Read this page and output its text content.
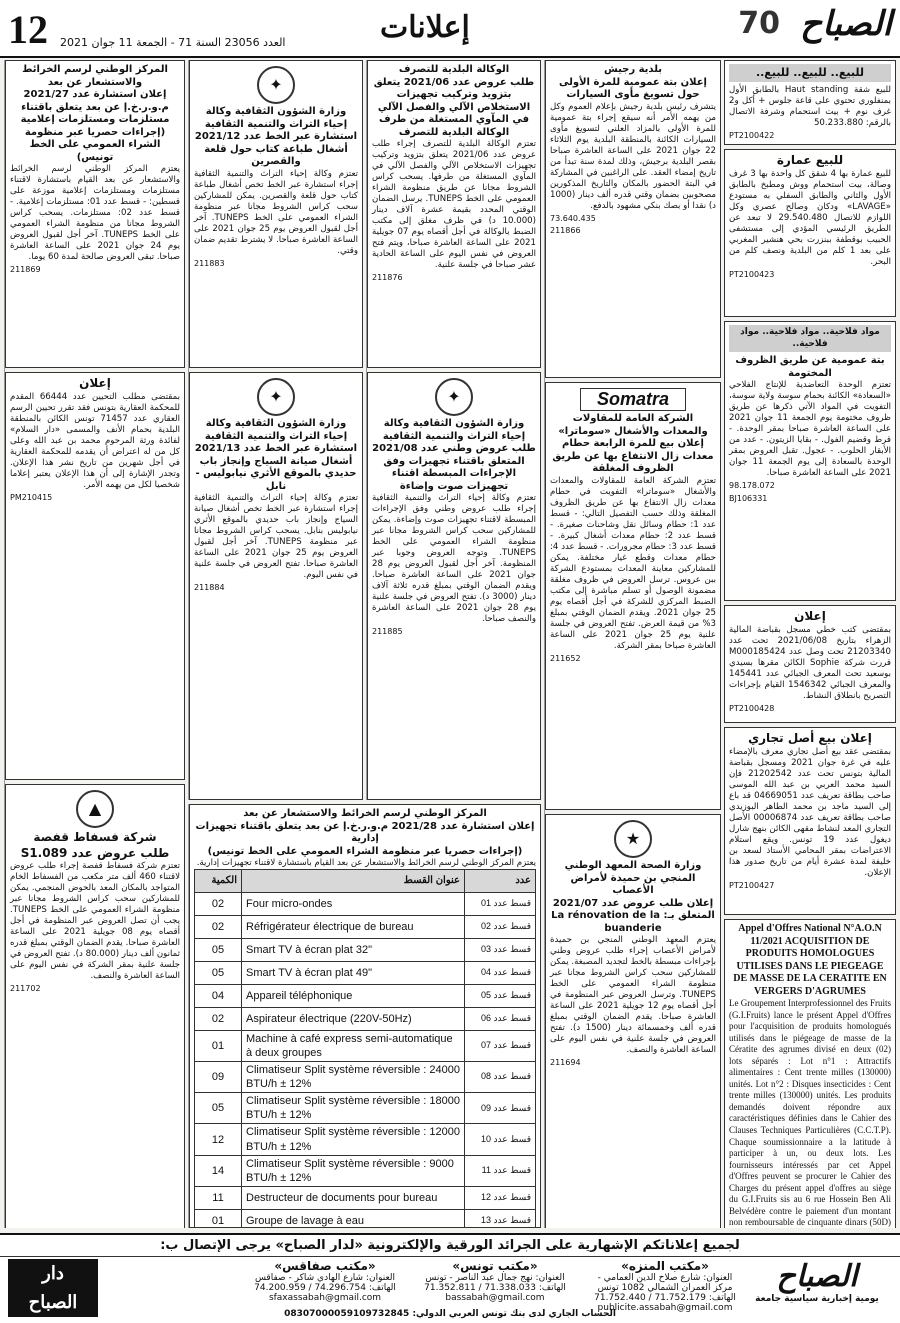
12 العدد 23056 السنة 71 - الجمعة 11 جوان 2021	إعلانات	70 الصباح
للبيع.. للبيع.. للبيع..
للبيع شقة Haut standing بالطابق الأول بمنفلوري تحتوي على قاعة جلوس + أكل و2 غرف نوم + بيت استحمام وشرفة الاتصال بالرقم: 50.233.880
PT2100422
للبيع عمارة
للبيع عمارة بها 4 شقق كل واحدة بها 3 غرف وصالة، بيت استحمام ووش ومطبخ بالطابق الأول والثاني والطابق السفلي به مستودع «LAVAGE» ودكان وصالح عصري وكل اللوازم للاتصال 29.540.480 لا تبعد عن الطريق الرئيسي المؤدي إلى مستشفى الحبيب بوقطفة ببنزرت بحي هنشير المغربي على بعد 1 كلم من البلدية ونصف كلم من البحر.
PT2100423
مواد فلاحية.. مواد فلاحية.. مواد فلاحية..
بتة عمومية عن طريق الظروف المختومة
تعتزم الوحدة التعاضدية للإنتاج الفلاحي «السعادة» الكائنة بحمام سوسة ولاية سوسة، التفويت في المواد الآتي ذكرها عن طريق ظروف مختومة يوم الجمعة 11 جوان 2021 على الساعة العاشرة صباحا بمقر الوحدة. - قرط وقضيم الفول. - بقايا الزيتون. - عدد من الأبقار الحلوب. - عجول. تقبل العروض بمقر الوحدة بالسعادة إلى يوم الجمعة 11 جوان 2021 على الساعة العاشرة صباحا.
98.178.072
BJ106331
إعلان
بمقتضى كتب خطي مسجل بقباضة المالية الزهراء بتاريخ 2021/06/08 تحت عدد 21203340 تحت وصل عدد M000185424 قررت شركة Sophie الكائن مقرها بسيدي بوسعيد تحت المعرف الجبائي عدد 145441 والمعرف الجبائي 1546342 القيام بإجراءات التصريح بانطلاق النشاط.
PT2100428
إعلان بيع أصل تجاري
بمقتضى عقد بيع أصل تجاري معرف بالإمضاء عليه في غرة جوان 2021 ومسجل بقباضة المالية بتونس تحت عدد 21202542 فإن السيد محمد العربي بن عبد الله الموسى صاحب بطاقة تعريف عدد 04669051 قد باع إلى السيد ماجد بن محمد الطاهر البوزيدي صاحب بطاقة تعريف عدد 00006874 الأصل التجاري المعد لنشاط مقهى الكائن بنهج شارل ديغول عدد 19 تونس. ويقع استلام الاعتراضات بمقر المحامي الأستاذ لسعد بن خليفة لمدة عشرة أيام من تاريخ صدور هذا الإعلان.
PT2100427
Appel d'Offres National N°A.O.N 11/2021 ACQUISITION DE PRODUITS HOMOLOGUES UTILISES DANS LE PIEGEAGE DE MASSE DE LA CERATITE EN VERGERS D'AGRUMES
Le Groupement Interprofessionnel des Fruits (G.I.Fruits) lance le présent Appel d'Offres pour l'acquisition de produits homologués utilisés dans le piégeage de masse de la Cératite des agrumes divisé en deux (02) lots séparés : Lot n°1 : Attractifs alimentaires : Cent trente milles (130000) unités. Lot n°2 : Disques insecticides : Cent trente milles (130000) unités. Les produits demandés doivent répondre aux caractéristiques définies dans le Cahier des Clauses Techniques Particulières (C.C.T.P). Chaque soumissionnaire a la latitude à participer à un, ou deux lots. Les fournisseurs intéressés par cet Appel d'Offres peuvent se procurer le Cahier des Charges du présent appel d'offres au siège du G.I.Fruits sis au 6 rue Hossein Ben Ali Belvédère contre le paiement d'un montant non remboursable de cinquante dinars (50D)
بلدية رجيش
إعلان بتة عمومية للمرة الأولى حول تسويغ مأوى السيارات
يتشرف رئيس بلدية رجيش بإعلام العموم وكل من يهمه الأمر أنه سيقع إجراء بتة عمومية للمرة الأولى بالمزاد العلني لتسويغ مأوى السيارات الكائنة بالمنطقة البلدية يوم الثلاثاء 22 جوان 2021 على الساعة العاشرة صباحا بقصر البلدية برجيش، وذلك لمدة سنة تبدأ من تاريخ إمضاء العقد. على الراغبين في المشاركة في البتة الحضور بالمكان والتاريخ المذكورين مصحوبين بضمان وقتي قدره ألف دينار (1000 د) نقدا أو بصك بنكي مشهود بالدفع.
73.640.435
211866
Somatra
الشركة العامة للمقاولات والمعدات والأشغال «سوماترا»
إعلان بيع للمرة الرابعة حطام معدات زال الانتفاع بها عن طريق الظروف المغلقة
تعتزم الشركة العامة للمقاولات والمعدات والأشغال «سوماترا» التفويت في حطام معدات زال الانتفاع بها عن طريق الظروف المغلقة وذلك حسب التفصيل التالي: - قسط عدد 1: حطام وسائل نقل وشاحنات صغيرة. - قسط عدد 2: حطام معدات أشغال كبيرة. - قسط عدد 3: حطام مجرورات. - قسط عدد 4: حطام معدات وقطع غيار مختلفة. يمكن للمشاركين معاينة المعدات بمستودع الشركة ببن عروس. ترسل العروض في ظروف مغلقة مضمونة الوصول أو تسلم مباشرة إلى مكتب الضبط المركزي للشركة في أجل أقصاه يوم 25 جوان 2021. ويقدم الضمان الوقتي بمبلغ 3% من قيمة العرض. تفتح العروض في جلسة علنية يوم 25 جوان 2021 على الساعة العاشرة صباحا بمقر الشركة.
211652
★
وزارة الصحة المعهد الوطني المنجي بن حميدة لأمراض الأعصاب
إعلان طلب عروض عدد 2021/07 المتعلق بـ: La rénovation de la buanderie
يعتزم المعهد الوطني المنجي بن حميدة لأمراض الأعصاب إجراء طلب عروض وطني بإجراءات مبسطة بالخط لتجديد المصبغة. يمكن للمشاركين سحب كراس الشروط مجانا عبر منظومة الشراء العمومي على الخط TUNEPS. وترسل العروض عبر المنظومة في أجل أقصاه يوم 12 جويلية 2021 على الساعة العاشرة صباحا. يقدم الضمان الوقتي بمبلغ قدره ألف وخمسمائة دينار (1500 د). تفتح العروض في جلسة علنية في نفس اليوم على الساعة العاشرة والنصف.
211694
الوكالة البلدية للتصرف
طلب عروض عدد 2021/06 يتعلق بتزويد وتركيب تجهيزات الاستخلاص الآلي والفصل الآلي في المآوي المستغلة من طرف الوكالة البلدية للتصرف
تعتزم الوكالة البلدية للتصرف إجراء طلب عروض عدد 2021/06 يتعلق بتزويد وتركيب تجهيزات الاستخلاص الآلي والفصل الآلي في المآوي المستغلة من طرفها. يسحب كراس الشروط مجانا عن طريق منظومة الشراء العمومي على الخط TUNEPS. يرسل الضمان الوقتي المحدد بقيمة عشرة آلاف دينار (10.000 د) في ظرف مغلق إلى مكتب الضبط بالوكالة في أجل أقصاه يوم 07 جويلية 2021 على الساعة العاشرة صباحا، ويتم فتح العروض في نفس اليوم على الساعة الحادية عشر صباحا في جلسة علنية.
211876
✦
وزارة الشؤون الثقافية وكالة إحياء التراث والتنمية الثقافية
طلب عروض وطني عدد 2021/08 المتعلق باقتناء تجهيزات وفق الإجراءات المبسطة اقتناء تجهيزات صوت وإضاءة
تعتزم وكالة إحياء التراث والتنمية الثقافية إجراء طلب عروض وطني وفق الإجراءات المبسطة لاقتناء تجهيزات صوت وإضاءة. يمكن للمشاركين سحب كراس الشروط مجانا عبر منظومة الشراء العمومي على الخط TUNEPS. وتوجه العروض وجوبا عبر المنظومة. آخر أجل لقبول العروض يوم 28 جوان 2021 على الساعة العاشرة صباحا. ويقدم الضمان الوقتي بمبلغ قدره ثلاثة آلاف دينار (3000 د). تفتح العروض في جلسة علنية يوم 28 جوان 2021 على الساعة العاشرة والنصف صباحا.
211885
✦
وزارة الشؤون الثقافية وكالة إحياء التراث والتنمية الثقافية
استشارة عبر الخط عدد 2021/12 أشغال طباعة كتاب حول قلعة والقصرين
تعتزم وكالة إحياء التراث والتنمية الثقافية إجراء استشارة عبر الخط تخص أشغال طباعة كتاب حول قلعة والقصرين. يمكن للمشاركين سحب كراس الشروط مجانا عبر منظومة الشراء العمومي على الخط TUNEPS. آخر أجل لقبول العروض يوم 25 جوان 2021 على الساعة العاشرة صباحا. لا يشترط تقديم ضمان وقتي.
211883
✦
وزارة الشؤون الثقافية وكالة إحياء التراث والتنمية الثقافية
استشارة عبر الخط عدد 2021/13 أشغال صيانة السياج وإنجاز باب حديدي بالموقع الأثري نيابوليس - نابل
تعتزم وكالة إحياء التراث والتنمية الثقافية إجراء استشارة عبر الخط تخص أشغال صيانة السياج وإنجاز باب حديدي بالموقع الأثري نيابوليس بنابل. يسحب كراس الشروط مجانا عبر منظومة TUNEPS. آخر أجل لقبول العروض يوم 25 جوان 2021 على الساعة العاشرة صباحا. تفتح العروض في جلسة علنية في نفس اليوم.
211884
المركز الوطني لرسم الخرائط والاستشعار عن بعد
إعلان استشارة عدد 2021/27 م.و.ر.خ.إ عن بعد يتعلق باقتناء مستلزمات ومستلزمات إعلامية (إجراءات حصريا عبر منظومة الشراء العمومي على الخط تونيس)
يعتزم المركز الوطني لرسم الخرائط والاستشعار عن بعد القيام باستشارة لاقتناء مستلزمات ومستلزمات إعلامية موزعة على قسطين: - قسط عدد 01: مستلزمات إعلامية. - قسط عدد 02: مستلزمات. يسحب كراس الشروط مجانا من منظومة الشراء العمومي على الخط TUNEPS. آخر أجل لقبول العروض يوم 24 جوان 2021 على الساعة العاشرة صباحا. تبقى العروض صالحة لمدة 60 يوما.
211869
إعلان
بمقتضى مطلب التحيين عدد 66444 المقدم للمحكمة العقارية بتونس فقد تقرر تحيين الرسم العقاري عدد 71457 تونس الكائن بالمنطقة البلدية بحمام الأنف والمسمى «دار السلام» لفائدة ورثة المرحوم محمد بن عبد الله وعلى كل من له اعتراض أن يقدمه للمحكمة العقارية في أجل شهرين من تاريخ نشر هذا الإعلان. وتجدر الإشارة إلى أن هذا الإعلان يعتبر إعلاما شخصيا لكل من يهمه الأمر.
PM210415
▲
شركة فسفاط قفصة
طلب عروض عدد S1.089
تعتزم شركة فسفاط قفصة إجراء طلب عروض لاقتناء 460 ألف متر مكعب من الفسفاط الخام المتواجد بالمكان المعد بالحوض المنجمي. يمكن للمشاركين سحب كراس الشروط مجانا عبر منظومة الشراء العمومي على الخط TUNEPS. يجب أن تصل العروض عبر المنظومة في أجل أقصاه يوم 08 جويلية 2021 على الساعة العاشرة صباحا. يقدم الضمان الوقتي بمبلغ قدره ثمانون ألف دينار (80.000 د). تفتح العروض في جلسة علنية بمقر الشركة في نفس اليوم على الساعة العاشرة والنصف.
211702
المركز الوطني لرسم الخرائط والاستشعار عن بعد
إعلان استشارة عدد 2021/28 م.و.ر.خ.إ عن بعد يتعلق باقتناء تجهيزات إدارية
(إجراءات حصريا عبر منظومة الشراء العمومي على الخط تونيس)
يعتزم المركز الوطني لرسم الخرائط والاستشعار عن بعد القيام باستشارة لاقتناء تجهيزات إدارية.
عدد	عنوان القسط	الكمية
قسط عدد 01	Four micro-ondes	02
قسط عدد 02	Réfrigérateur électrique de bureau	02
قسط عدد 03	Smart TV à écran plat 32"	05
قسط عدد 04	Smart TV à écran plat 49"	05
قسط عدد 05	Appareil téléphonique	04
قسط عدد 06	Aspirateur électrique (220V-50Hz)	02
قسط عدد 07	Machine à café express semi-automatique à deux groupes	01
قسط عدد 08	Climatiseur Split système réversible : 24000 BTU/h ± 12%	09
قسط عدد 09	Climatiseur Split système réversible : 18000 BTU/h ± 12%	05
قسط عدد 10	Climatiseur Split système réversible : 12000 BTU/h ± 12%	12
قسط عدد 11	Climatiseur Split système réversible : 9000 BTU/h ± 12%	14
قسط عدد 12	Destructeur de documents pour bureau	11
قسط عدد 13	Groupe de lavage à eau	01
لجميع إعلاناتكم الإشهارية على الجرائد الورقية والإلكترونية «لدار الصباح» يرجى الإتصال ب:
الصباح
يومية إخبارية سياسية جامعة
«مكتب المنزه»
العنوان: شارع صلاح الدين العمامي - مركز العمران الشمالي 1082 تونس
الهاتف: 71.752.179 / 71.752.440
publicite.assabah@gmail.com
«مكتب تونس»
العنوان: نهج جمال عبد الناصر - تونس
الهاتف: 71.338.033 / 71.352.811
bassabah@gmail.com
«مكتب صفاقس»
العنوان: شارع الهادي شاكر - صفاقس
الهاتف: 74.296.754 / 74.200.959
sfaxassabah@gmail.com
دار
الصباح
الحساب الجاري لدى بنك تونس العربي الدولي: 08307000059109732845
